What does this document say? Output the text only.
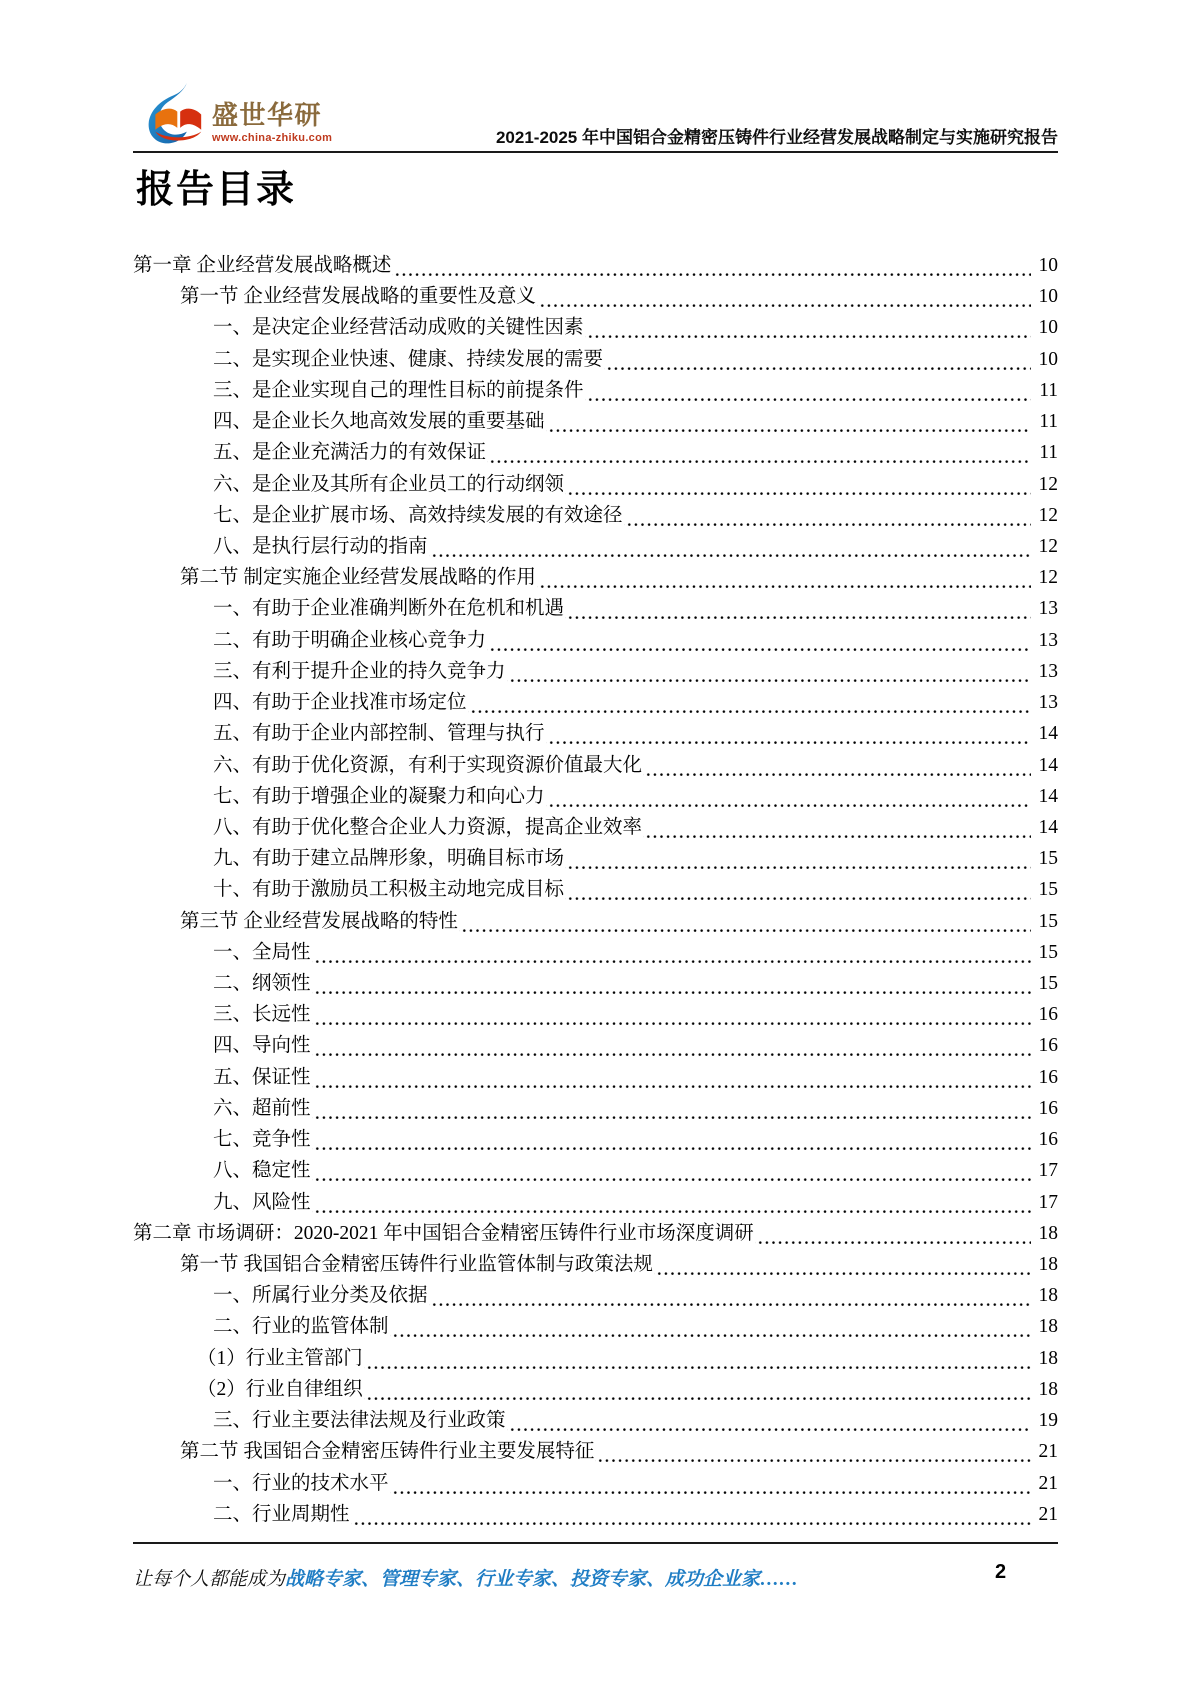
盛世华研
www.china-zhiku.com	2021-2025 年中国铝合金精密压铸件行业经营发展战略制定与实施研究报告
报告目录
第一章 企业经营发展战略概述	10
第一节 企业经营发展战略的重要性及意义	10
一、是决定企业经营活动成败的关键性因素	10
二、是实现企业快速、健康、持续发展的需要	10
三、是企业实现自己的理性目标的前提条件	11
四、是企业长久地高效发展的重要基础	11
五、是企业充满活力的有效保证	11
六、是企业及其所有企业员工的行动纲领	12
七、是企业扩展市场、高效持续发展的有效途径	12
八、是执行层行动的指南	12
第二节 制定实施企业经营发展战略的作用	12
一、有助于企业准确判断外在危机和机遇	13
二、有助于明确企业核心竞争力	13
三、有利于提升企业的持久竞争力	13
四、有助于企业找准市场定位	13
五、有助于企业内部控制、管理与执行	14
六、有助于优化资源，有利于实现资源价值最大化	14
七、有助于增强企业的凝聚力和向心力	14
八、有助于优化整合企业人力资源，提高企业效率	14
九、有助于建立品牌形象，明确目标市场	15
十、有助于激励员工积极主动地完成目标	15
第三节 企业经营发展战略的特性	15
一、全局性	15
二、纲领性	15
三、长远性	16
四、导向性	16
五、保证性	16
六、超前性	16
七、竞争性	16
八、稳定性	17
九、风险性	17
第二章 市场调研：2020-2021 年中国铝合金精密压铸件行业市场深度调研	18
第一节 我国铝合金精密压铸件行业监管体制与政策法规	18
一、所属行业分类及依据	18
二、行业的监管体制	18
（1）行业主管部门	18
（2）行业自律组织	18
三、行业主要法律法规及行业政策	19
第二节 我国铝合金精密压铸件行业主要发展特征	21
一、行业的技术水平	21
二、行业周期性	21
让每个人都能成为战略专家、管理专家、行业专家、投资专家、成功企业家……	2
